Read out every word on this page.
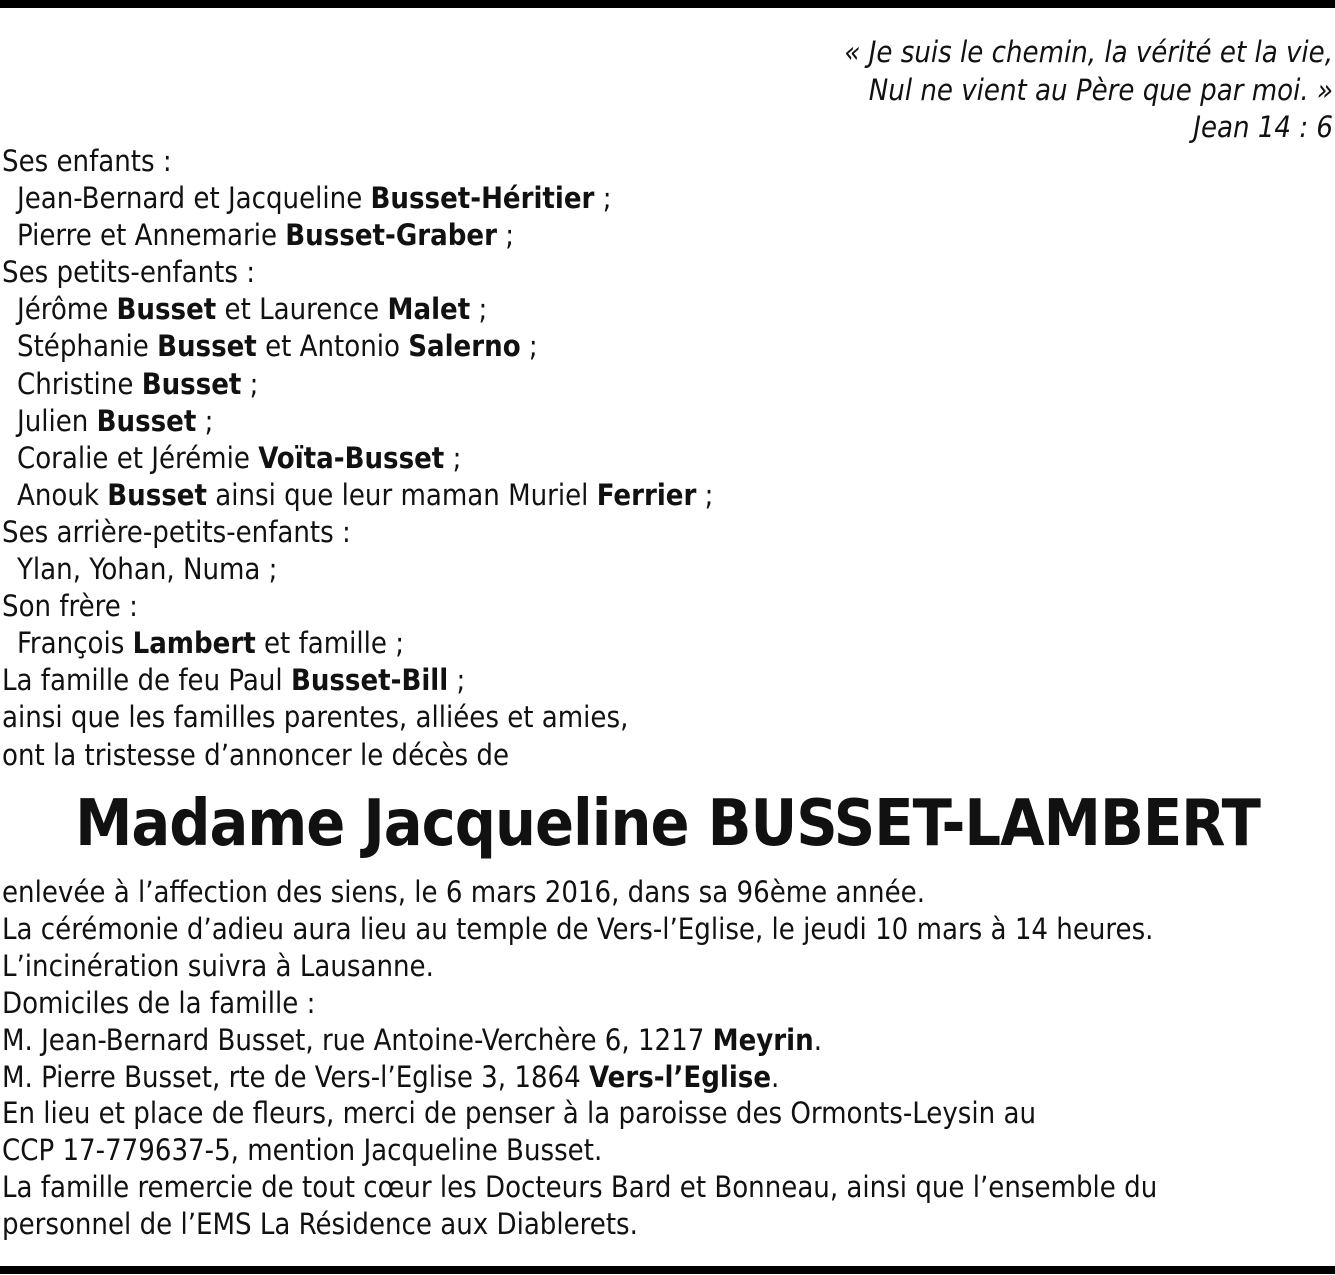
« Je suis le chemin, la vérité et la vie,
Nul ne vient au Père que par moi. »
Jean 14 : 6
Ses enfants :
Jean-Bernard et Jacqueline Busset-Héritier ;
Pierre et Annemarie Busset-Graber ;
Ses petits-enfants :
Jérôme Busset et Laurence Malet ;
Stéphanie Busset et Antonio Salerno ;
Christine Busset ;
Julien Busset ;
Coralie et Jérémie Voïta-Busset ;
Anouk Busset ainsi que leur maman Muriel Ferrier ;
Ses arrière-petits-enfants :
Ylan, Yohan, Numa ;
Son frère :
François Lambert et famille ;
La famille de feu Paul Busset-Bill ;
ainsi que les familles parentes, alliées et amies,
ont la tristesse d’annoncer le décès de
Madame Jacqueline BUSSET-LAMBERT
enlevée à l’affection des siens, le 6 mars 2016, dans sa 96ème année.
La cérémonie d’adieu aura lieu au temple de Vers-l’Eglise, le jeudi 10 mars à 14 heures.
L’incinération suivra à Lausanne.
Domiciles de la famille :
M. Jean-Bernard Busset, rue Antoine-Verchère 6, 1217 Meyrin.
M. Pierre Busset, rte de Vers-l’Eglise 3, 1864 Vers-l’Eglise.
En lieu et place de fleurs, merci de penser à la paroisse des Ormonts-Leysin au
CCP 17-779637-5, mention Jacqueline Busset.
La famille remercie de tout cœur les Docteurs Bard et Bonneau, ainsi que l’ensemble du
personnel de l’EMS La Résidence aux Diablerets.
